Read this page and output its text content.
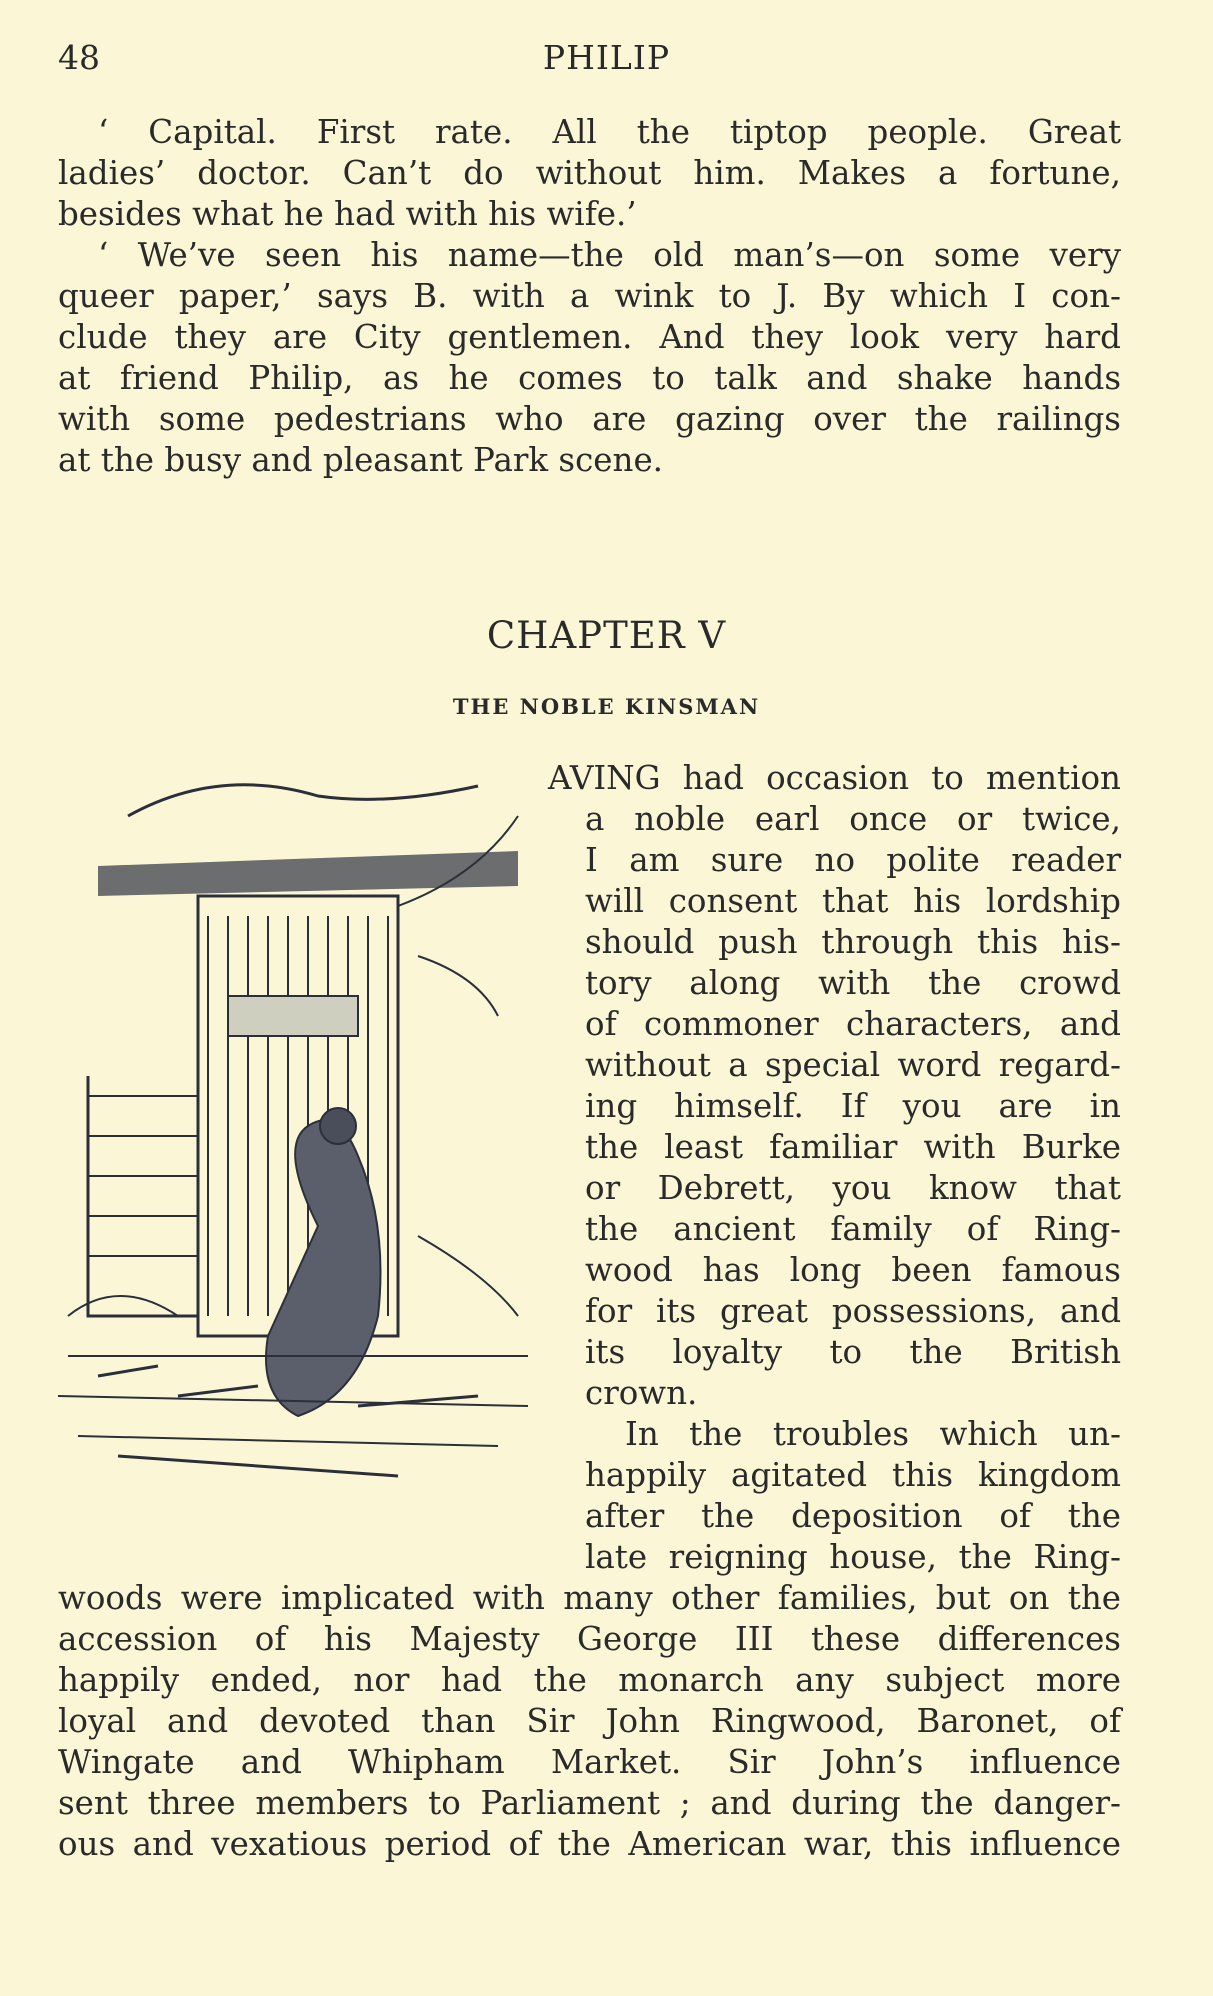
48	PHILIP
‘ Capital. First rate. All the tiptop people. Great
ladies’ doctor. Can’t do without him. Makes a fortune,
besides what he had with his wife.’
‘ We’ve seen his name—the old man’s—on some very
queer paper,’ says B. with a wink to J. By which I con-
clude they are City gentlemen. And they look very hard
at friend Philip, as he comes to talk and shake hands
with some pedestrians who are gazing over the railings
at the busy and pleasant Park scene.
CHAPTER V
THE NOBLE KINSMAN
AVING had occasion to mention
a noble earl once or twice,
I am sure no polite reader
will consent that his lordship
should push through this his-
tory along with the crowd
of commoner characters, and
without a special word regard-
ing himself. If you are in
the least familiar with Burke
or Debrett, you know that
the ancient family of Ring-
wood has long been famous
for its great possessions, and
its loyalty to the British
crown.
In the troubles which un-
happily agitated this kingdom
after the deposition of the
late reigning house, the Ring-
woods were implicated with many other families, but on the
accession of his Majesty George III these differences
happily ended, nor had the monarch any subject more
loyal and devoted than Sir John Ringwood, Baronet, of
Wingate and Whipham Market. Sir John’s influence
sent three members to Parliament ; and during the danger-
ous and vexatious period of the American war, this influence
